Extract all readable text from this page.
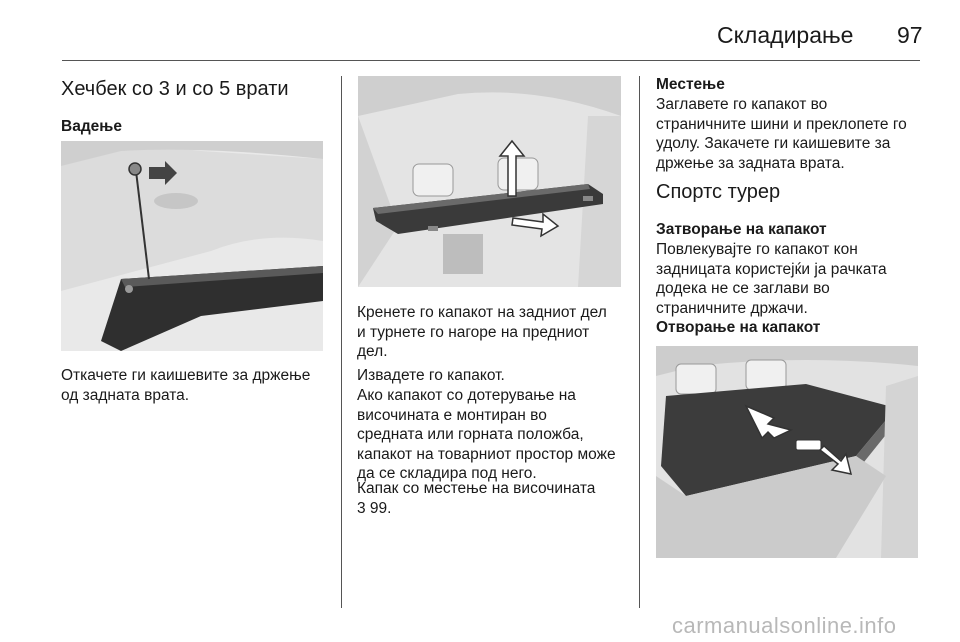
Складирање 97
Хечбек со 3 и со 5 врати
Вадење

Откачете ги каишевите за држење
од задната врата.

Кренете го капакот на задниот дел
и турнете го нагоре на предниот
дел.

Извадете го капакот.

Ако капакот со дотерување на
височината е монтиран во
средната или горната положба,
капакот на товарниот простор може
да се складира под него.

Капак со местење на височината
3 99.

Местење

Заглавете го капакот во
страничните шини и преклопете го
удолу. Закачете ги каишевите за
држење за задната врата.

Спортс турер
Затворање на капакот

Повлекувајте го капакот кон
задницата користејќи ја рачката
додека не се заглави во
страничните држачи.

Отворање на капакот
carmanualsonline.info
